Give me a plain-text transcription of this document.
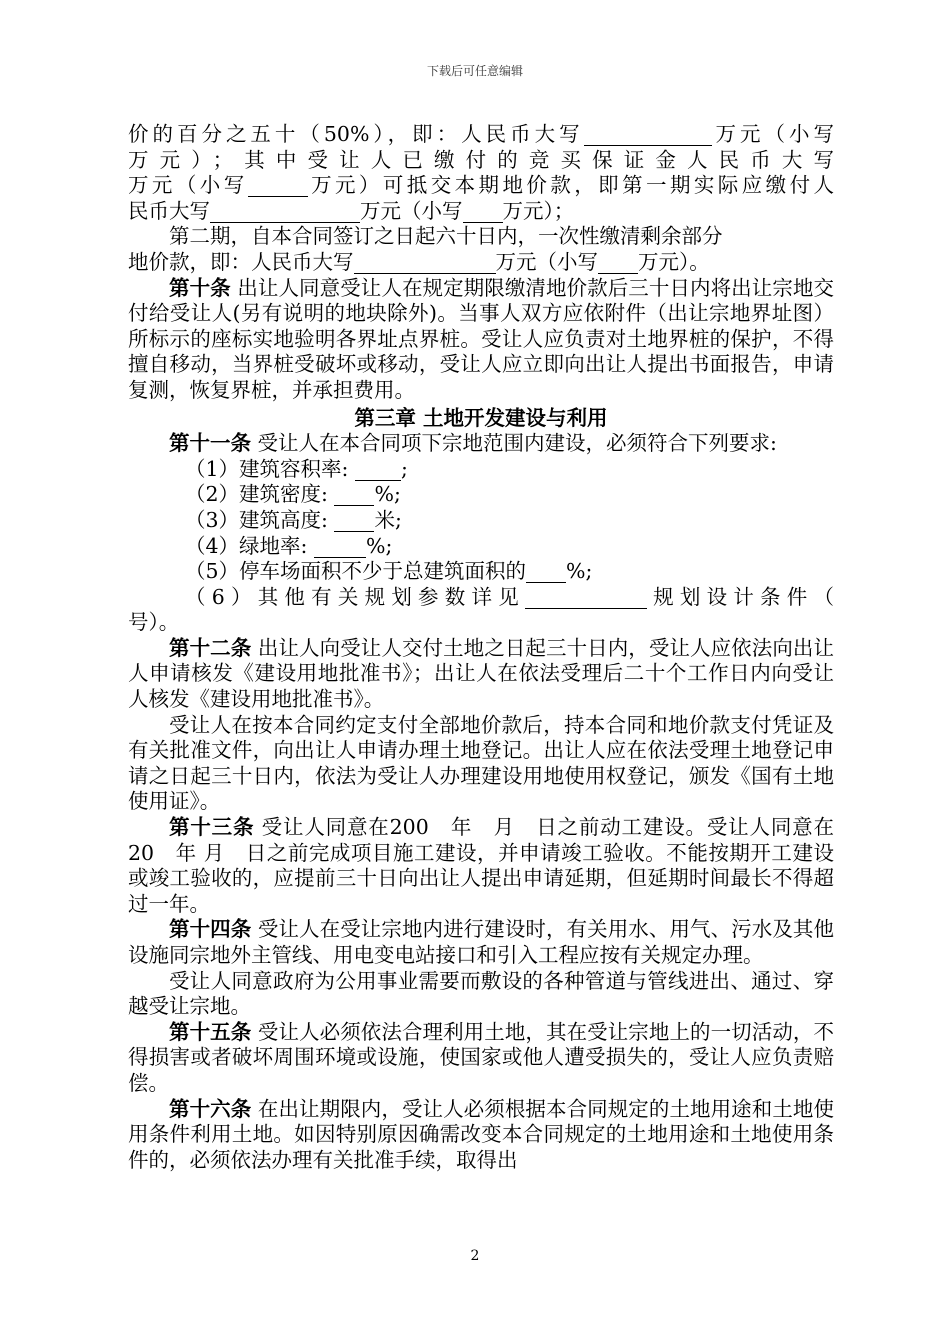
下载后可任意编辑

价的百分之五十（50%），即：人民币大写	万元（小写

万元）；其中受让人已缴付的竞买保证金人民币大写

万元（小写	万元）可抵交本期地价款，即第一期实际应缴付人

民币大写	万元（小写 万元）；

第二期，自本合同签订之日起六十日内，一次性缴清剩余部分

地价款，即：人民币大写	万元（小写 万元）。

第十条 出让人同意受让人在规定期限缴清地价款后三十日内将出让宗地交付给受让人(另有说明的地块除外)。当事人双方应依附件（出让宗地界址图）所标示的座标实地验明各界址点界桩。受让人应负责对土地界桩的保护，不得擅自移动，当界桩受破坏或移动，受让人应立即向出让人提出书面报告，申请复测，恢复界桩，并承担费用。

第三章 土地开发建设与利用

第十一条 受让人在本合同项下宗地范围内建设，必须符合下列要求:

（1）建筑容积率:	;

（2）建筑密度: %;

（3）建筑高度: 米;

（4）绿地率:	%;

（5）停车场面积不少于总建筑面积的 %;

（6）其他有关规划参数详见	规划设计条件（

号）。

第十二条 出让人向受让人交付土地之日起三十日内，受让人应依法向出让人申请核发《建设用地批准书》；出让人在依法受理后二十个工作日内向受让人核发《建设用地批准书》。

受让人在按本合同约定支付全部地价款后，持本合同和地价款支付凭证及有关批准文件，向出让人申请办理土地登记。出让人应在依法受理土地登记申请之日起三十日内，依法为受让人办理建设用地使用权登记，颁发《国有土地使用证》。

第十三条 受让人同意在200　年　月　日之前动工建设。受让人同意在20　年 月　日之前完成项目施工建设，并申请竣工验收。不能按期开工建设或竣工验收的，应提前三十日向出让人提出申请延期，但延期时间最长不得超过一年。

第十四条 受让人在受让宗地内进行建设时，有关用水、用气、污水及其他设施同宗地外主管线、用电变电站接口和引入工程应按有关规定办理。

受让人同意政府为公用事业需要而敷设的各种管道与管线进出、通过、穿越受让宗地。

第十五条 受让人必须依法合理利用土地，其在受让宗地上的一切活动，不得损害或者破坏周围环境或设施，使国家或他人遭受损失的，受让人应负责赔偿。

第十六条 在出让期限内，受让人必须根据本合同规定的土地用途和土地使用条件利用土地。如因特别原因确需改变本合同规定的土地用途和土地使用条件的，必须依法办理有关批准手续，取得出

2
